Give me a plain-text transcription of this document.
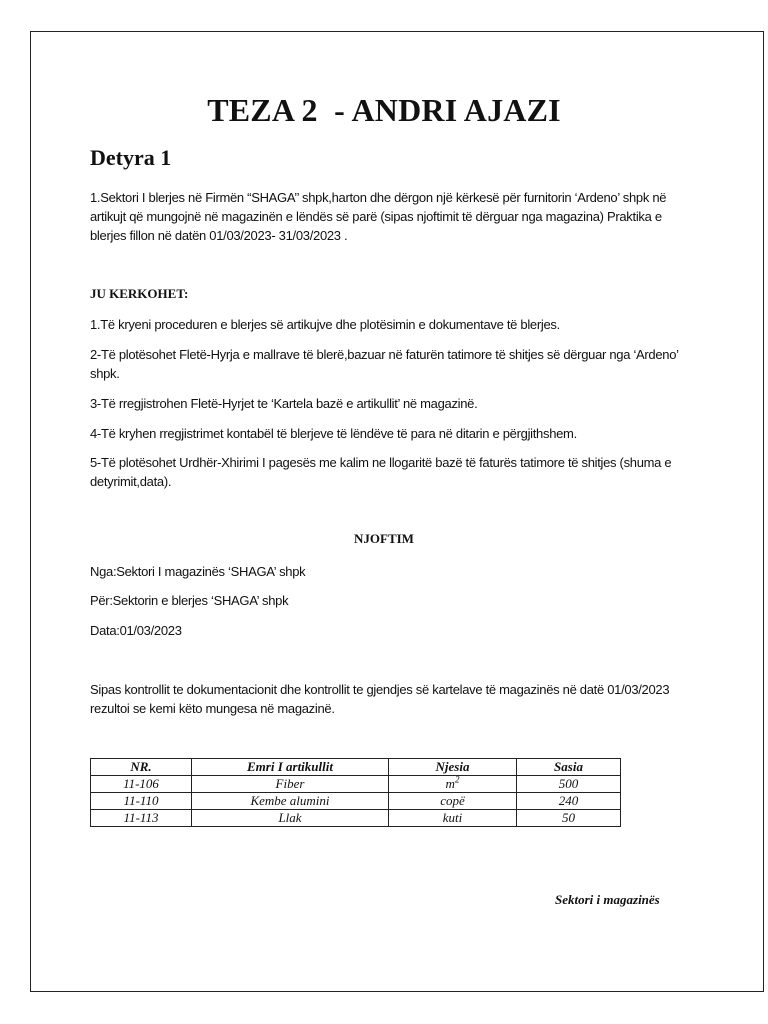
TEZA 2  - ANDRI AJAZI
Detyra 1

1.Sektori I blerjes në Firmën “SHAGA’’ shpk,harton dhe dërgon një kërkesë për furnitorin ‘Ardeno’ shpk në artikujt që mungojnë në magazinën e lëndës së parë (sipas njoftimit të dërguar nga magazina) Praktika e blerjes fillon në datën 01/03/2023- 31/03/2023 .

JU KERKOHET:

1.Të kryeni proceduren e blerjes së artikujve dhe plotësimin e dokumentave të blerjes.

2-Të plotësohet Fletë-Hyrja e mallrave të blerë,bazuar në faturën tatimore të shitjes së dërguar nga ‘Ardeno’ shpk.

3-Të rregjistrohen Fletë-Hyrjet te ‘Kartela bazë e artikullit’ në magazinë.

4-Të kryhen rregjistrimet kontabël të blerjeve të lëndëve të para në ditarin e përgjithshem.

5-Të plotësohet Urdhër-Xhirimi I pagesës me kalim ne llogaritë bazë të faturës tatimore të shitjes (shuma e detyrimit,data).

NJOFTIM

Nga:Sektori I magazinës ‘SHAGA’ shpk

Për:Sektorin e blerjes ‘SHAGA’ shpk

Data:01/03/2023

Sipas kontrollit te dokumentacionit dhe kontrollit te gjendjes së kartelave të magazinës në datë 01/03/2023 rezultoi se kemi këto mungesa në magazinë.

NR.	Emri I artikullit	Njesia	Sasia
11-106	Fiber	$m^2$	500
11-110	Kembe alumini	copë	240
11-113	Llak	kuti	50

Sektori i magazinës
